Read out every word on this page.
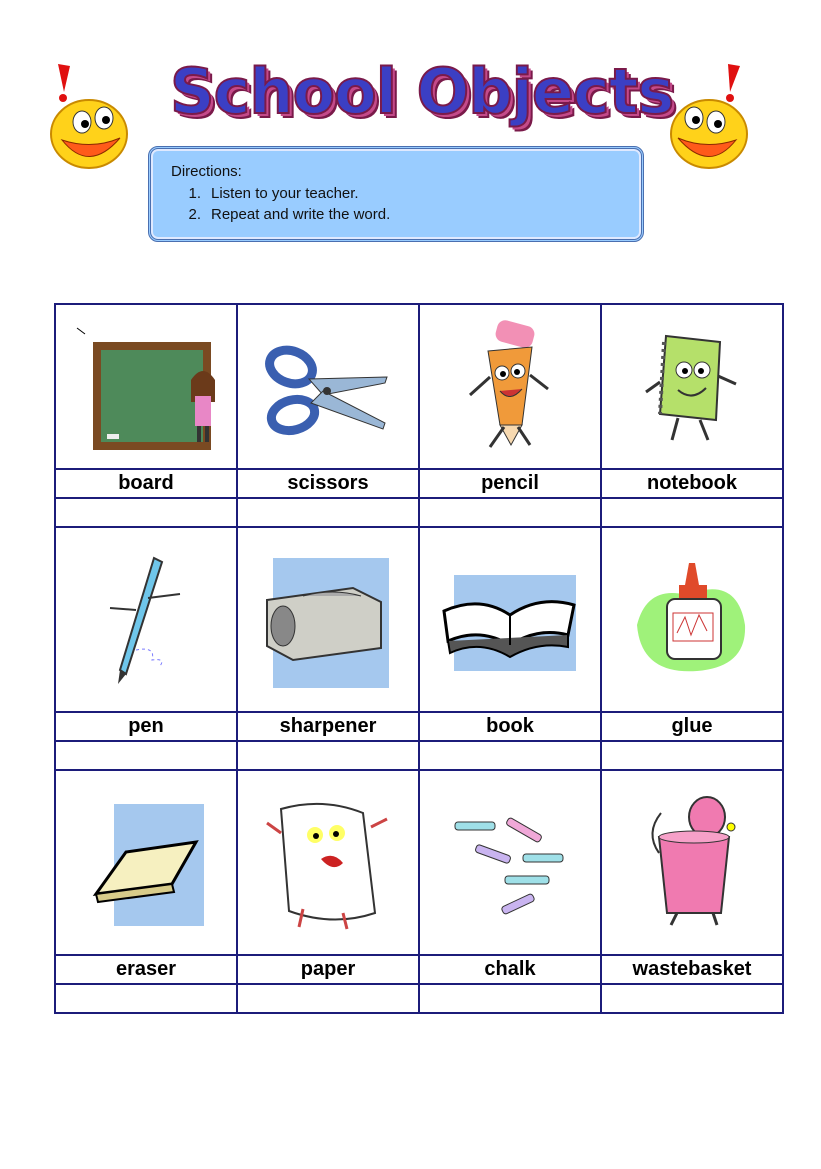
School Objects
Directions:
1. Listen to your teacher.
2. Repeat and write the word.

board	scissors	pencil	notebook

pen	sharpener	book	glue

eraser	paper	chalk	wastebasket
